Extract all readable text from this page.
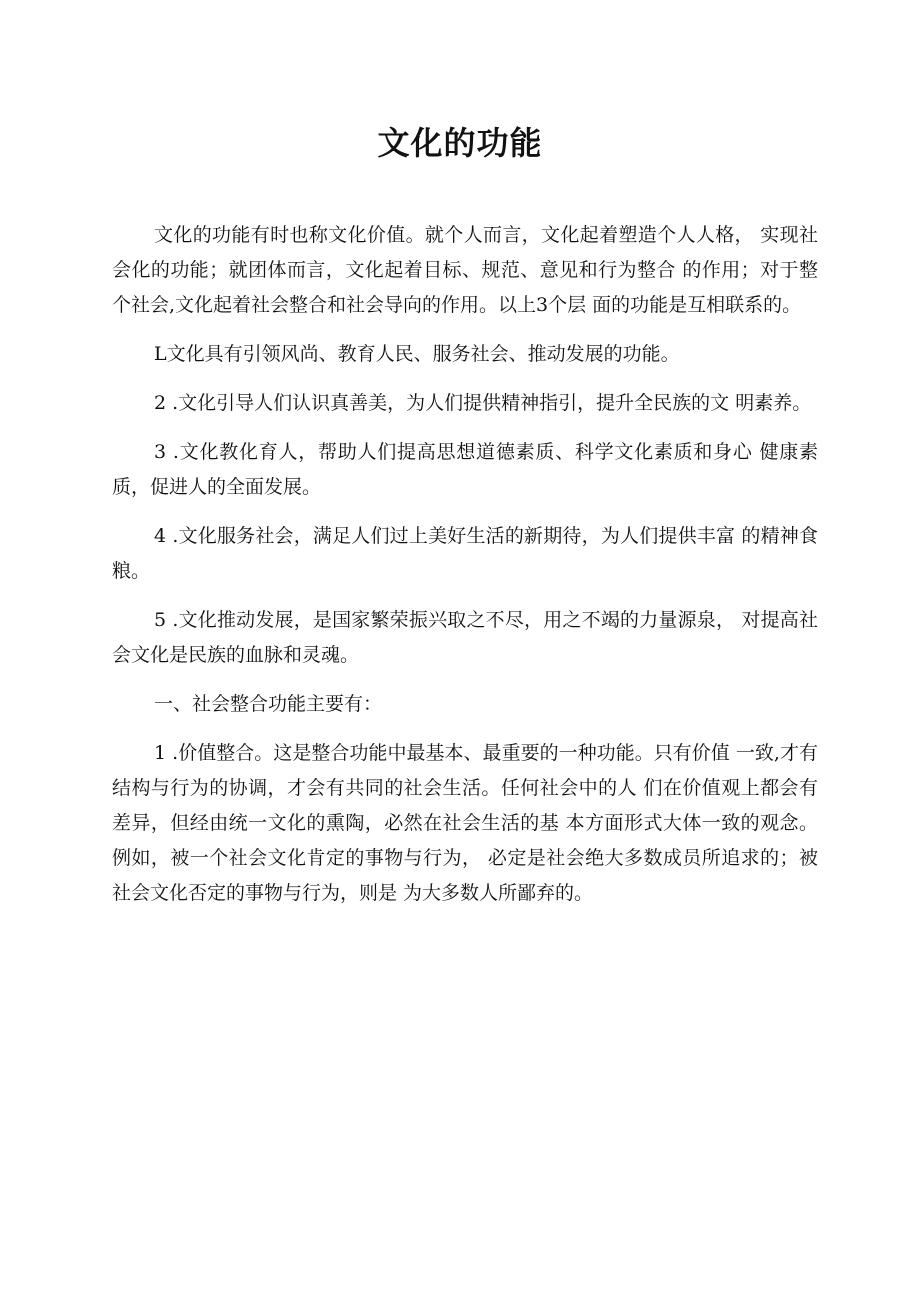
文化的功能

文化的功能有时也称文化价值。就个人而言，文化起着塑造个人人格， 实现社会化的功能；就团体而言，文化起着目标、规范、意见和行为整合 的作用；对于整个社会,文化起着社会整合和社会导向的作用。以上3个层 面的功能是互相联系的。

L文化具有引领风尚、教育人民、服务社会、推动发展的功能。

2 .文化引导人们认识真善美，为人们提供精神指引，提升全民族的文 明素养。

3 .文化教化育人，帮助人们提高思想道德素质、科学文化素质和身心 健康素质，促进人的全面发展。

4 .文化服务社会，满足人们过上美好生活的新期待，为人们提供丰富 的精神食粮。

5 .文化推动发展，是国家繁荣振兴取之不尽，用之不竭的力量源泉， 对提高社会文化是民族的血脉和灵魂。

一、社会整合功能主要有：

1 .价值整合。这是整合功能中最基本、最重要的一种功能。只有价值 一致,才有结构与行为的协调，才会有共同的社会生活。任何社会中的人 们在价值观上都会有差异，但经由统一文化的熏陶，必然在社会生活的基 本方面形式大体一致的观念。例如，被一个社会文化肯定的事物与行为， 必定是社会绝大多数成员所追求的；被社会文化否定的事物与行为，则是 为大多数人所鄙弃的。
